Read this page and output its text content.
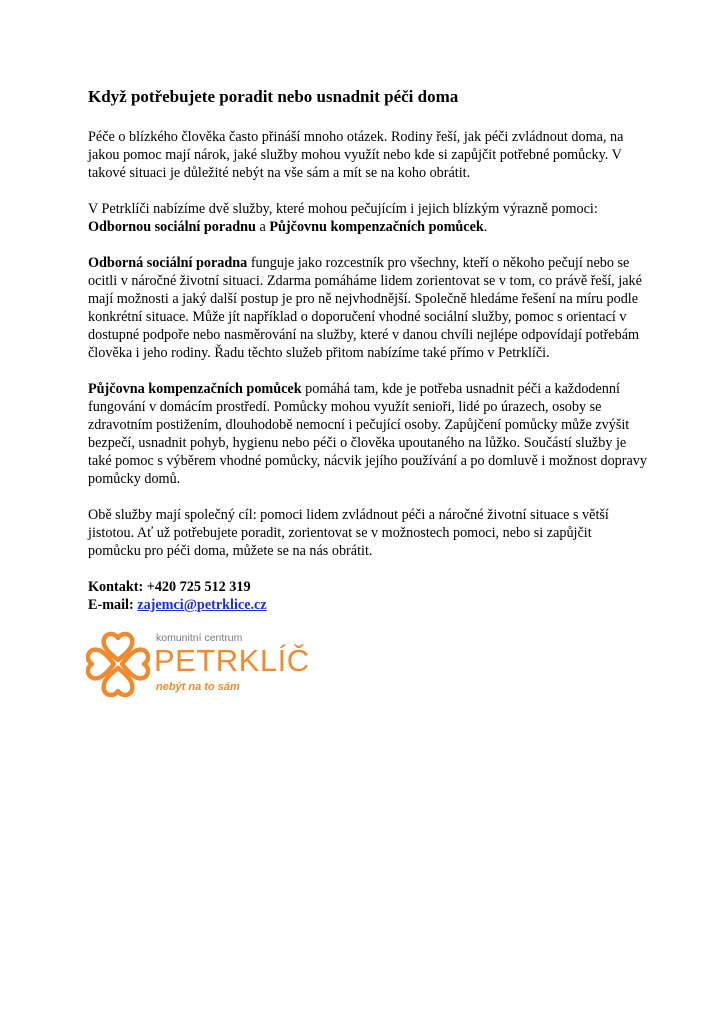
Když potřebujete poradit nebo usnadnit péči doma

Péče o blízkého člověka často přináší mnoho otázek. Rodiny řeší, jak péči zvládnout doma, na jakou pomoc mají nárok, jaké služby mohou využít nebo kde si zapůjčit potřebné pomůcky. V takové situaci je důležité nebýt na vše sám a mít se na koho obrátit.

V Petrklíči nabízíme dvě služby, které mohou pečujícím i jejich blízkým výrazně pomoci: Odbornou sociální poradnu a Půjčovnu kompenzačních pomůcek.

Odborná sociální poradna funguje jako rozcestník pro všechny, kteří o někoho pečují nebo se ocitli v náročné životní situaci. Zdarma pomáháme lidem zorientovat se v tom, co právě řeší, jaké mají možnosti a jaký další postup je pro ně nejvhodnější. Společně hledáme řešení na míru podle konkrétní situace. Může jít například o doporučení vhodné sociální služby, pomoc s orientací v dostupné podpoře nebo nasměrování na služby, které v danou chvíli nejlépe odpovídají potřebám člověka i jeho rodiny. Řadu těchto služeb přitom nabízíme také přímo v Petrklíči.

Půjčovna kompenzačních pomůcek pomáhá tam, kde je potřeba usnadnit péči a každodenní fungování v domácím prostředí. Pomůcky mohou využít senioři, lidé po úrazech, osoby se zdravotním postižením, dlouhodobě nemocní i pečující osoby. Zapůjčení pomůcky může zvýšit bezpečí, usnadnit pohyb, hygienu nebo péči o člověka upoutaného na lůžko. Součástí služby je také pomoc s výběrem vhodné pomůcky, nácvik jejího používání a po domluvě i možnost dopravy pomůcky domů.

Obě služby mají společný cíl: pomoci lidem zvládnout péči a náročné životní situace s větší jistotou. Ať už potřebujete poradit, zorientovat se v možnostech pomoci, nebo si zapůjčit pomůcku pro péči doma, můžete se na nás obrátit.

Kontakt: +420 725 512 319
E-mail: zajemci@petrklice.cz
komunitní centrum
PETRKLÍČ
nebýt na to sám
